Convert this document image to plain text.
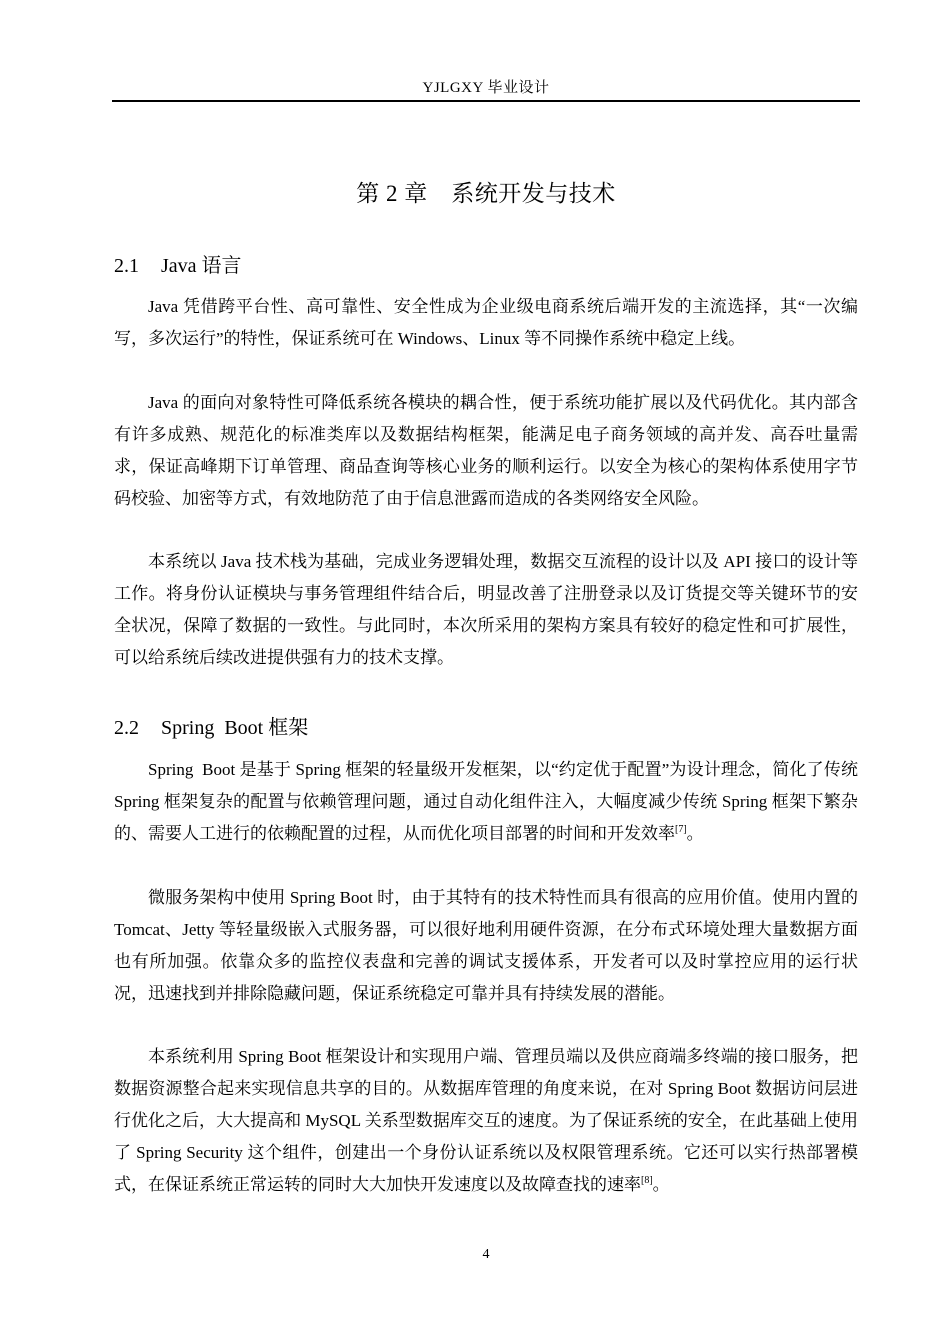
YJLGXY 毕业设计
第 2 章　系统开发与技术
2.1 Java 语言
Java 凭借跨平台性、高可靠性、安全性成为企业级电商系统后端开发的主流选择，其“一次编写，多次运行”的特性，保证系统可在 Windows、Linux 等不同操作系统中稳定上线。
Java 的面向对象特性可降低系统各模块的耦合性，便于系统功能扩展以及代码优化。其内部含有许多成熟、规范化的标准类库以及数据结构框架，能满足电子商务领域的高并发、高吞吐量需求，保证高峰期下订单管理、商品查询等核心业务的顺利运行。以安全为核心的架构体系使用字节码校验、加密等方式，有效地防范了由于信息泄露而造成的各类网络安全风险。
本系统以 Java 技术栈为基础，完成业务逻辑处理，数据交互流程的设计以及 API 接口的设计等工作。将身份认证模块与事务管理组件结合后，明显改善了注册登录以及订货提交等关键环节的安全状况，保障了数据的一致性。与此同时，本次所采用的架构方案具有较好的稳定性和可扩展性，可以给系统后续改进提供强有力的技术支撑。
2.2 Spring  Boot 框架
Spring  Boot 是基于 Spring 框架的轻量级开发框架，以“约定优于配置”为设计理念，简化了传统 Spring 框架复杂的配置与依赖管理问题，通过自动化组件注入，大幅度减少传统 Spring 框架下繁杂的、需要人工进行的依赖配置的过程，从而优化项目部署的时间和开发效率[7]。
微服务架构中使用 Spring Boot 时，由于其特有的技术特性而具有很高的应用价值。使用内置的 Tomcat、Jetty 等轻量级嵌入式服务器，可以很好地利用硬件资源，在分布式环境处理大量数据方面也有所加强。依靠众多的监控仪表盘和完善的调试支援体系，开发者可以及时掌控应用的运行状况，迅速找到并排除隐藏问题，保证系统稳定可靠并具有持续发展的潜能。
本系统利用 Spring Boot 框架设计和实现用户端、管理员端以及供应商端多终端的接口服务，把数据资源整合起来实现信息共享的目的。从数据库管理的角度来说，在对 Spring Boot 数据访问层进行优化之后，大大提高和 MySQL 关系型数据库交互的速度。为了保证系统的安全，在此基础上使用了 Spring Security 这个组件，创建出一个身份认证系统以及权限管理系统。它还可以实行热部署模式，在保证系统正常运转的同时大大加快开发速度以及故障查找的速率[8]。
4
